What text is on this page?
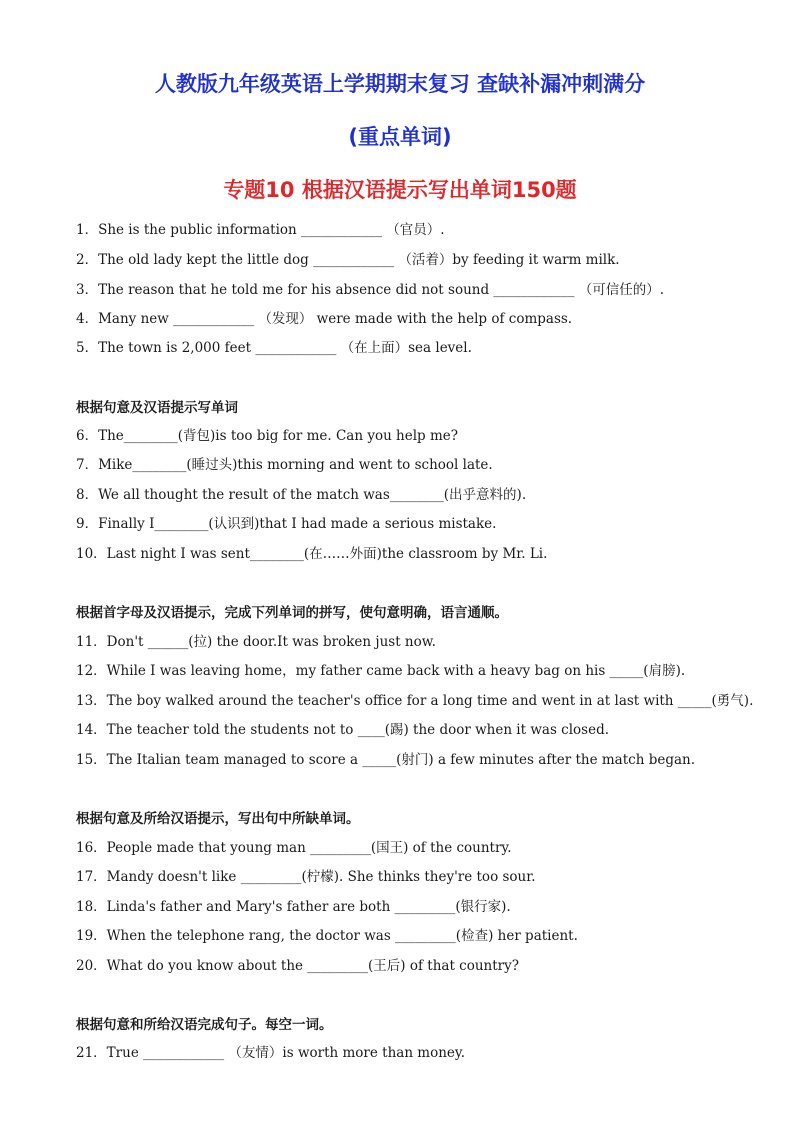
人教版九年级英语上学期期末复习 查缺补漏冲刺满分
(重点单词)
专题10 根据汉语提示写出单词150题
1．She is the public information ____________ （官员）.
2．The old lady kept the little dog ____________ （活着）by feeding it warm milk.
3．The reason that he told me for his absence did not sound ____________ （可信任的）.
4．Many new ____________ （发现） were made with the help of compass.
5．The town is 2,000 feet ____________ （在上面）sea level.
根据句意及汉语提示写单词
6．The________(背包)is too big for me. Can you help me?
7．Mike________(睡过头)this morning and went to school late.
8．We all thought the result of the match was________(出乎意料的).
9．Finally I________(认识到)that I had made a serious mistake.
10．Last night I was sent________(在……外面)the classroom by Mr. Li.
根据首字母及汉语提示，完成下列单词的拼写，使句意明确，语言通顺。
11．Don't ______(拉) the door.It was broken just now.
12．While I was leaving home，my father came back with a heavy bag on his _____(肩膀).
13．The boy walked around the teacher's office for a long time and went in at last with _____(勇气).
14．The teacher told the students not to ____(踢) the door when it was closed.
15．The Italian team managed to score a _____(射门) a few minutes after the match began.
根据句意及所给汉语提示，写出句中所缺单词。
16．People made that young man _________(国王) of the country.
17．Mandy doesn't like _________(柠檬). She thinks they're too sour.
18．Linda's father and Mary's father are both _________(银行家).
19．When the telephone rang, the doctor was _________(检查) her patient.
20．What do you know about the _________(王后) of that country?
根据句意和所给汉语完成句子。每空一词。
21．True ____________ （友情）is worth more than money.
